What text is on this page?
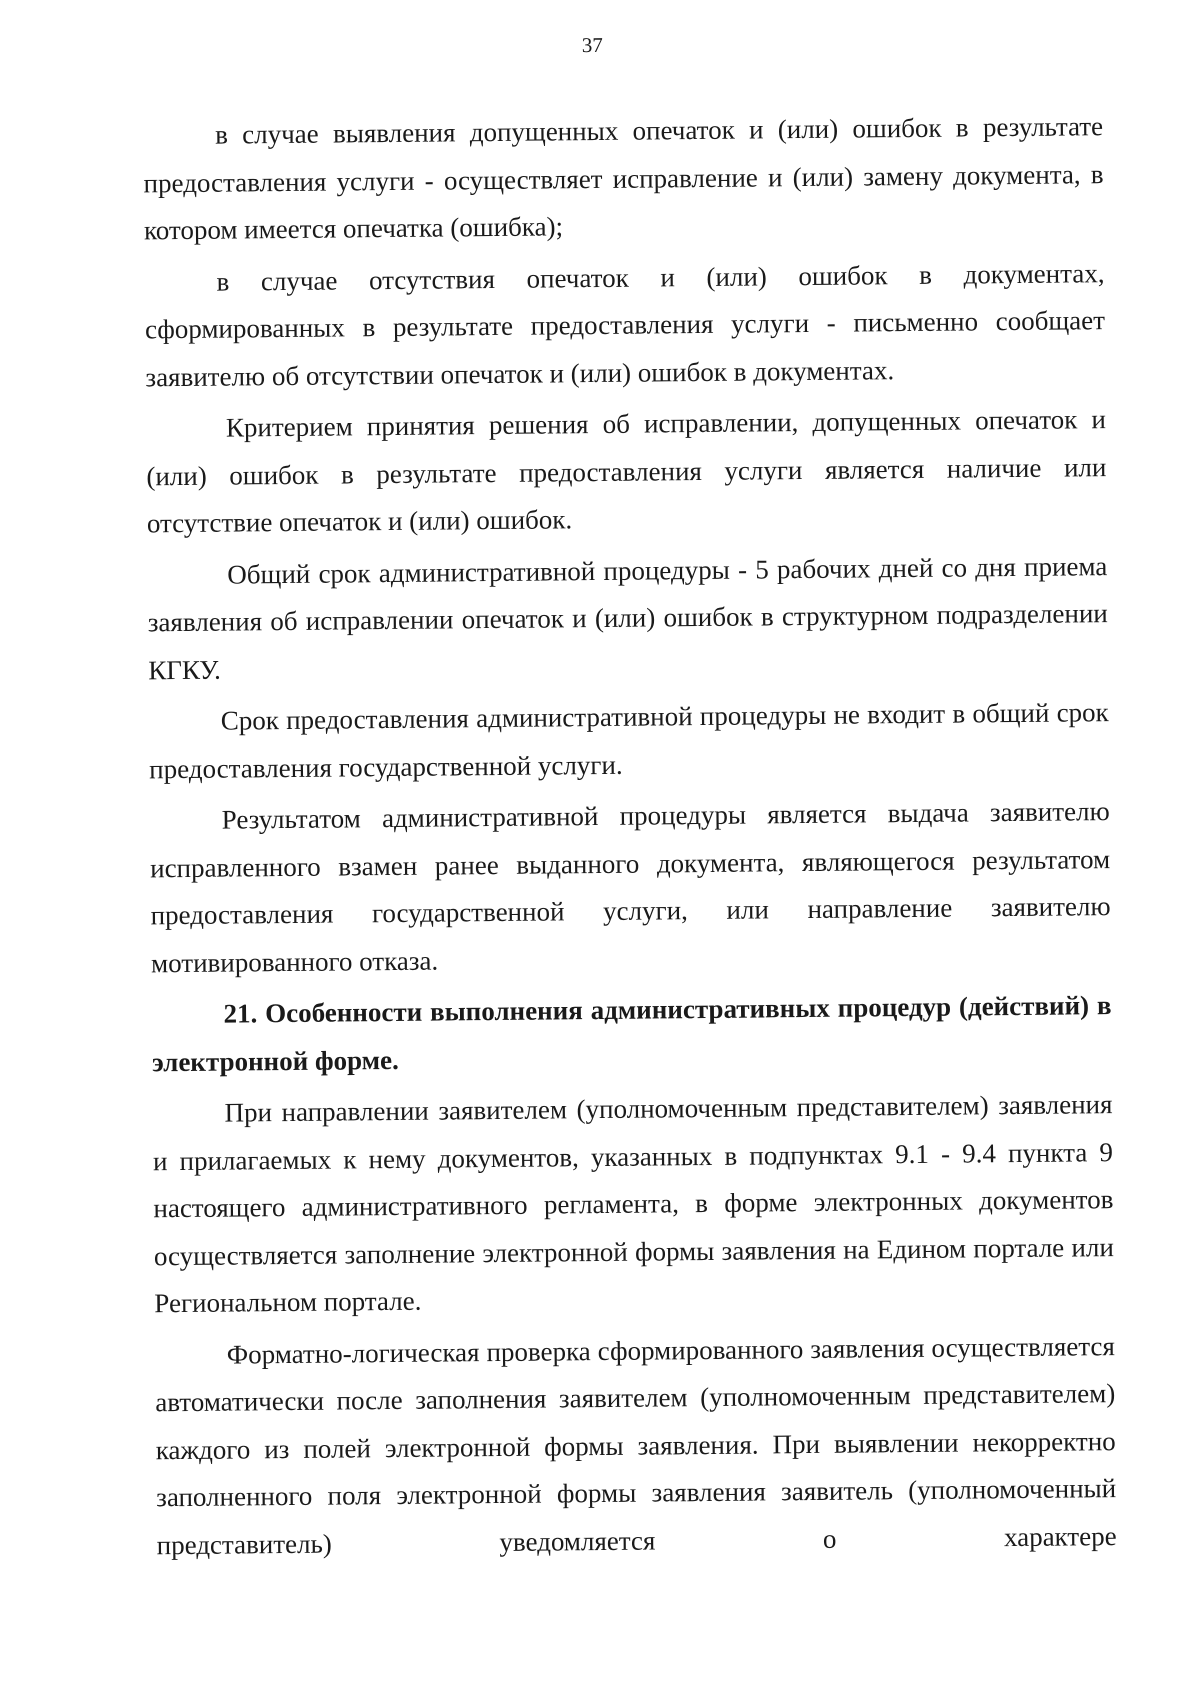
37

в случае выявления допущенных опечаток и (или) ошибок в результате предоставления услуги - осуществляет исправление и (или) замену документа, в котором имеется опечатка (ошибка);

в случае отсутствия опечаток и (или) ошибок в документах, сформированных в результате предоставления услуги - письменно сообщает заявителю об отсутствии опечаток и (или) ошибок в документах.

Критерием принятия решения об исправлении, допущенных опечаток и (или) ошибок в результате предоставления услуги является наличие или отсутствие опечаток и (или) ошибок.

Общий срок административной процедуры - 5 рабочих дней со дня приема заявления об исправлении опечаток и (или) ошибок в структурном подразделении КГКУ.

Срок предоставления административной процедуры не входит в общий срок предоставления государственной услуги.

Результатом административной процедуры является выдача заявителю исправленного взамен ранее выданного документа, являющегося результатом предоставления государственной услуги, или направление заявителю мотивированного отказа.

21. Особенности выполнения административных процедур (действий) в электронной форме.

При направлении заявителем (уполномоченным представителем) заявления и прилагаемых к нему документов, указанных в подпунктах 9.1 - 9.4 пункта 9 настоящего административного регламента, в форме электронных документов осуществляется заполнение электронной формы заявления на Едином портале или Региональном портале.

Форматно-логическая проверка сформированного заявления осуществляется автоматически после заполнения заявителем (уполномоченным представителем) каждого из полей электронной формы заявления. При выявлении некорректно заполненного поля электронной формы заявления заявитель (уполномоченный представитель) уведомляется о характере
